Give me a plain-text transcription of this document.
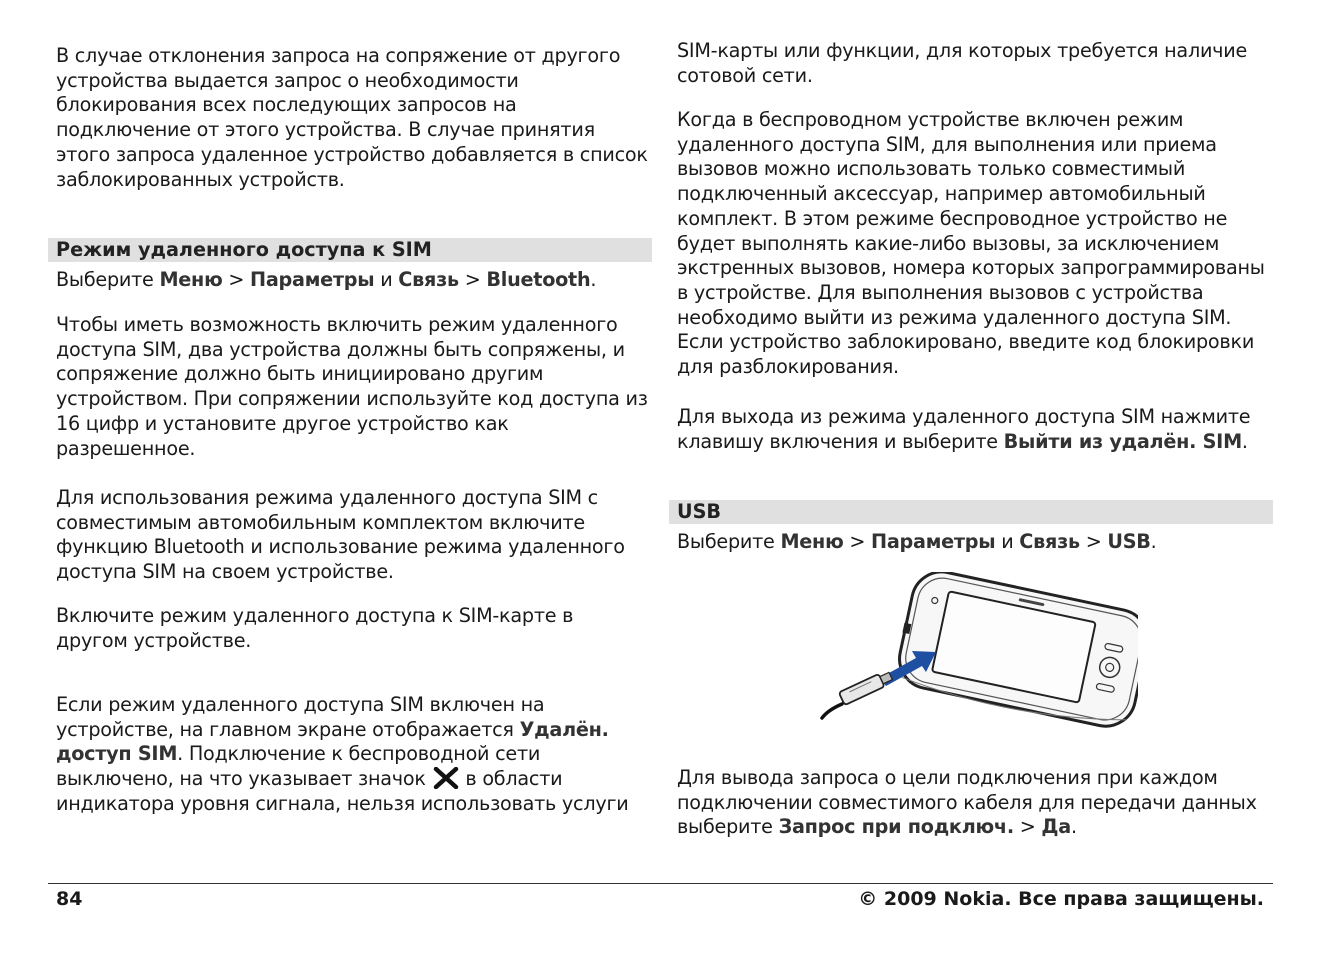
В случае отклонения запроса на сопряжение от другого устройства выдается запрос о необходимости блокирования всех последующих запросов на подключение от этого устройства. В случае принятия этого запроса удаленное устройство добавляется в список заблокированных устройств.

Режим удаленного доступа к SIM

Выберите Меню > Параметры и Связь > Bluetooth.

Чтобы иметь возможность включить режим удаленного доступа SIM, два устройства должны быть сопряжены, и сопряжение должно быть инициировано другим устройством. При сопряжении используйте код доступа из 16 цифр и установите другое устройство как разрешенное.

Для использования режима удаленного доступа SIM с совместимым автомобильным комплектом включите функцию Bluetooth и использование режима удаленного доступа SIM на своем устройстве.

Включите режим удаленного доступа к SIM-карте в другом устройстве.

Если режим удаленного доступа SIM включен на устройстве, на главном экране отображается Удалён. доступ SIM. Подключение к беспроводной сети выключено, на что указывает значок  в области индикатора уровня сигнала, нельзя использовать услуги

SIM-карты или функции, для которых требуется наличие сотовой сети.

Когда в беспроводном устройстве включен режим удаленного доступа SIM, для выполнения или приема вызовов можно использовать только совместимый подключенный аксессуар, например автомобильный комплект. В этом режиме беспроводное устройство не будет выполнять какие-либо вызовы, за исключением экстренных вызовов, номера которых запрограммированы в устройстве. Для выполнения вызовов с устройства необходимо выйти из режима удаленного доступа SIM. Если устройство заблокировано, введите код блокировки для разблокирования.

Для выхода из режима удаленного доступа SIM нажмите клавишу включения и выберите Выйти из удалён. SIM.

USB

Выберите Меню > Параметры и Связь > USB.

Для вывода запроса о цели подключения при каждом подключении совместимого кабеля для передачи данных выберите Запрос при подключ. > Да.

84	© 2009 Nokia. Все права защищены.
